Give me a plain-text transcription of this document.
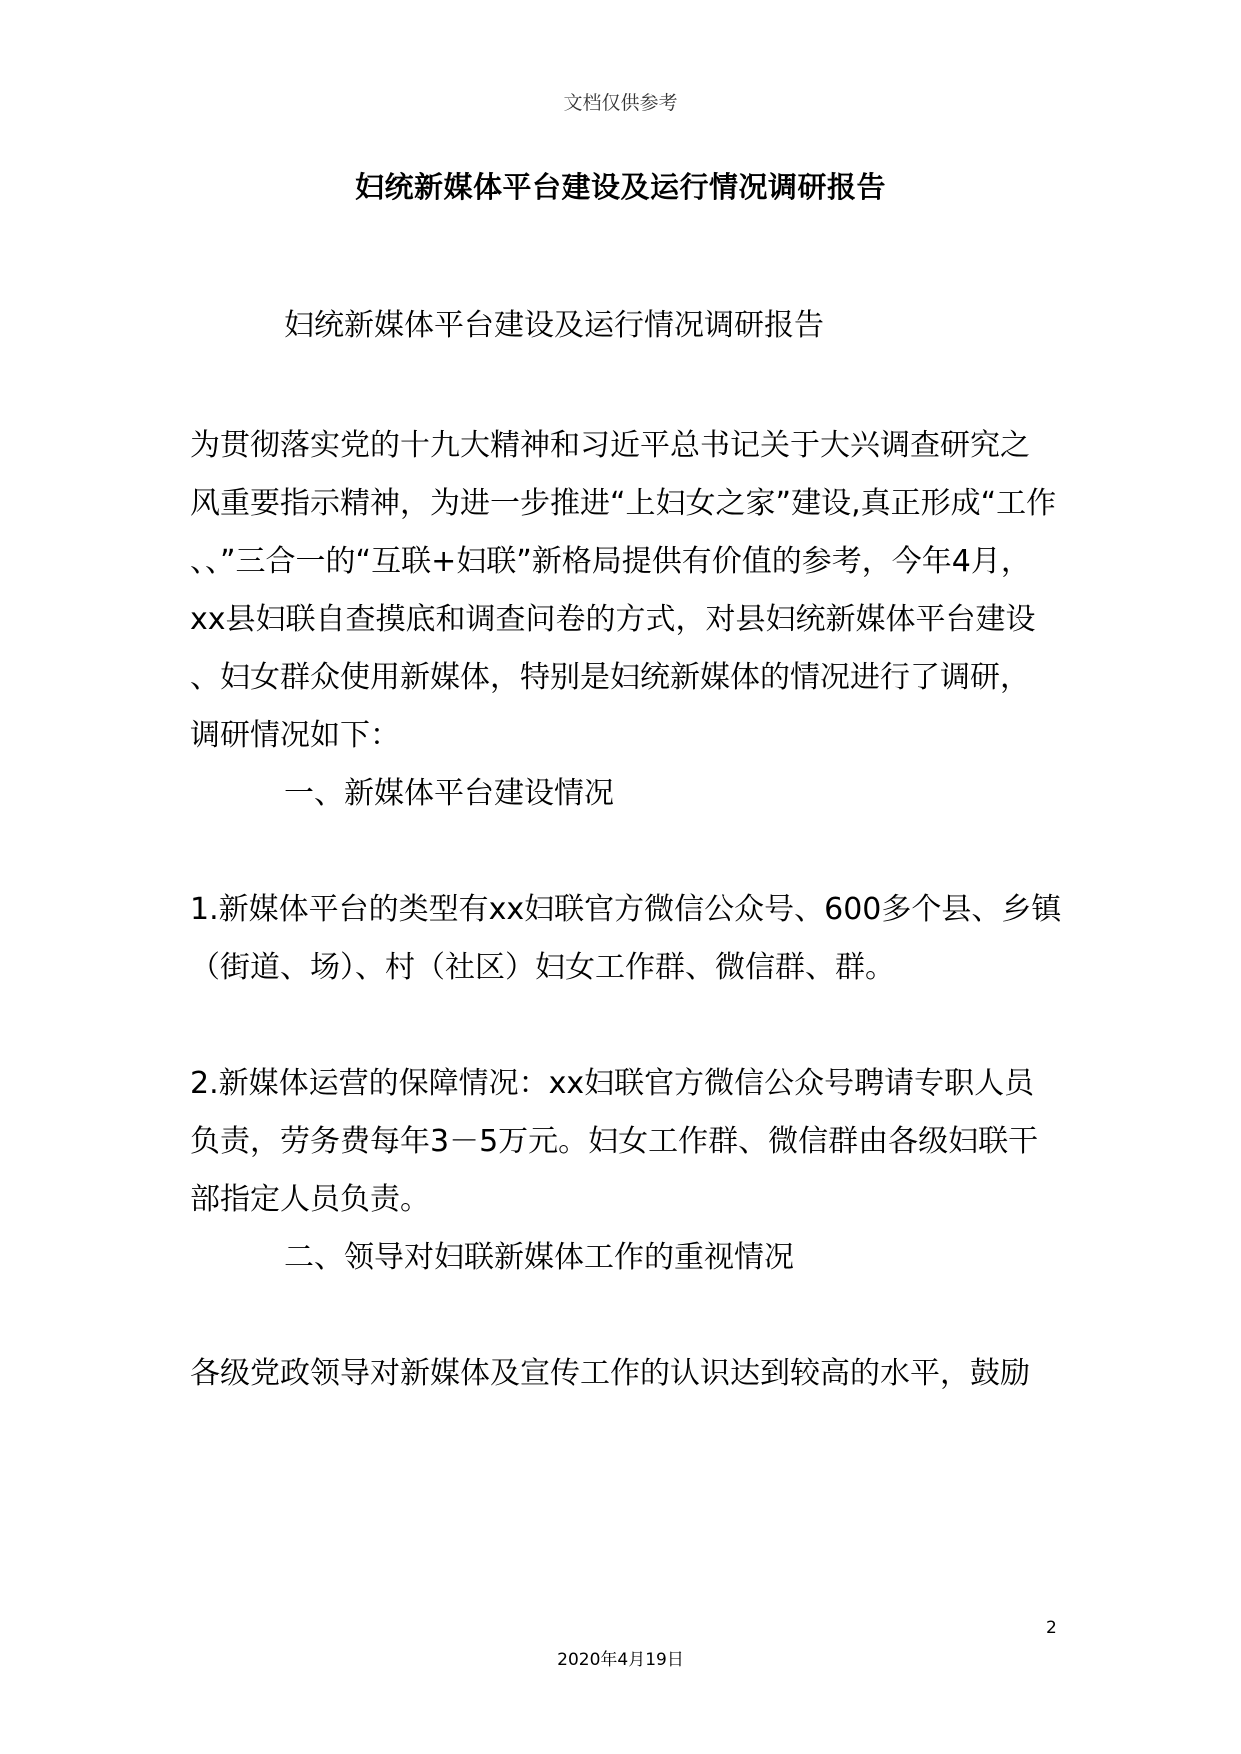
文档仅供参考
妇统新媒体平台建设及运行情况调研报告
妇统新媒体平台建设及运行情况调研报告
为贯彻落实党的十九大精神和习近平总书记关于大兴调查研究之
风重要指示精神，为进一步推进“上妇女之家”建设,真正形成“工作
、、”三合一的“互联+妇联”新格局提供有价值的参考，今年4月，
xx县妇联自查摸底和调查问卷的方式，对县妇统新媒体平台建设
、妇女群众使用新媒体，特别是妇统新媒体的情况进行了调研，
调研情况如下：
一、新媒体平台建设情况
1.新媒体平台的类型有xx妇联官方微信公众号、600多个县、乡镇
（街道、场）、村（社区）妇女工作群、微信群、群。
2.新媒体运营的保障情况：xx妇联官方微信公众号聘请专职人员
负责，劳务费每年3－5万元。妇女工作群、微信群由各级妇联干
部指定人员负责。
二、领导对妇联新媒体工作的重视情况
各级党政领导对新媒体及宣传工作的认识达到较高的水平，鼓励
2
2020年4月19日
